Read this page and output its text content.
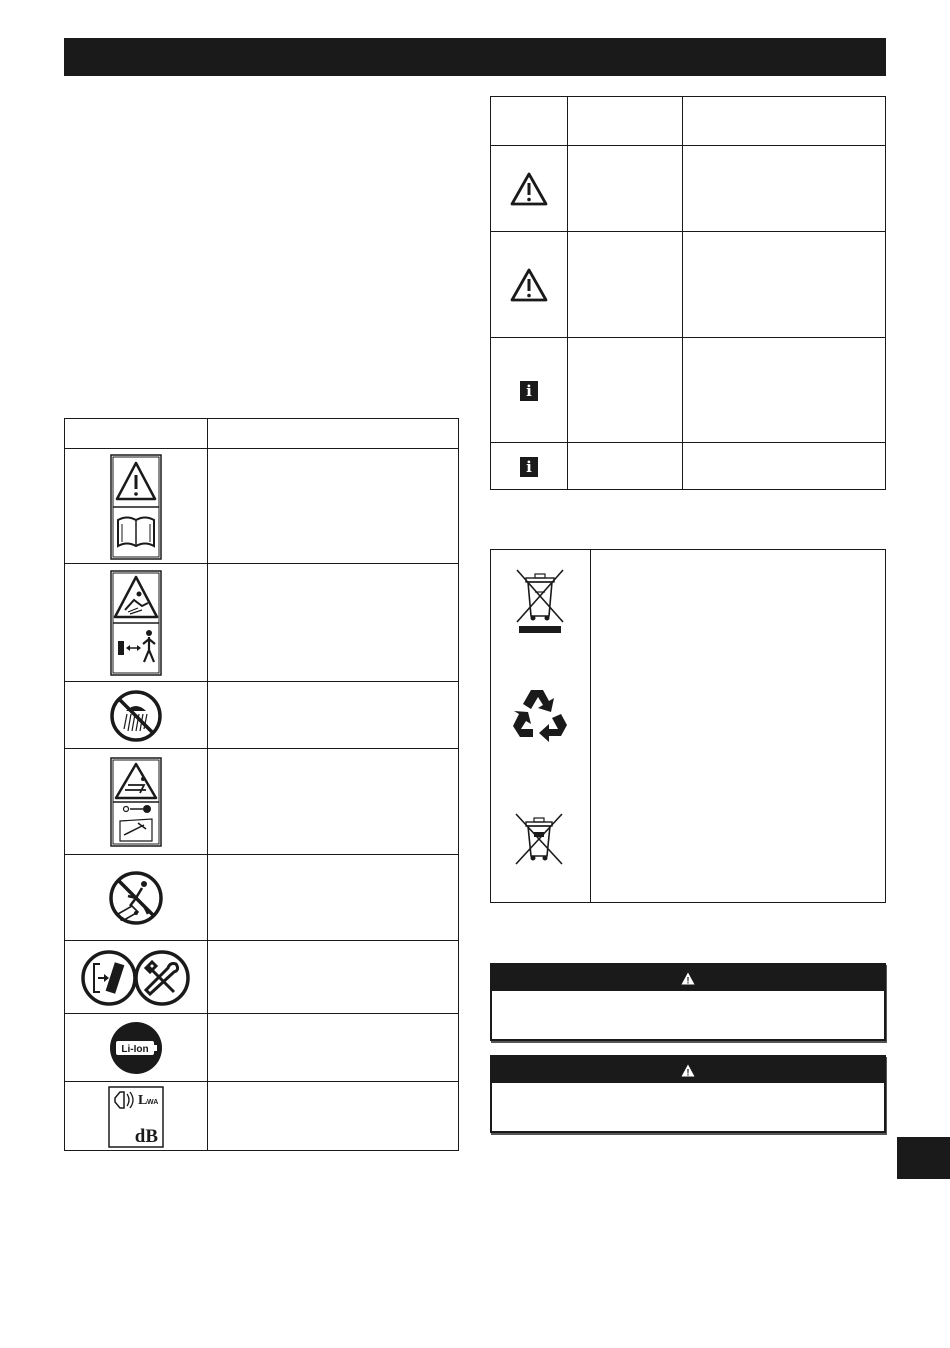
Li-Ion
L WA
dB
i
i
!
!
